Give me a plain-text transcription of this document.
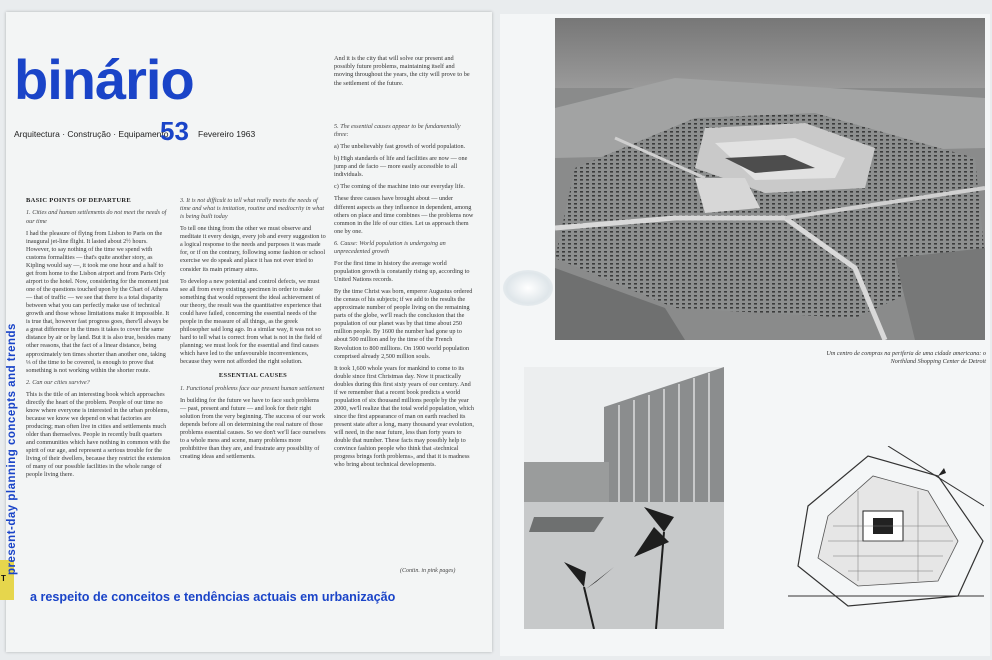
T
binário
Arquitectura · Construção · Equipamento
53 Fevereiro 1963
And it is the city that will solve our present and possibly future problems, maintaining itself and moving throughout the years, the city will prove to be the settlement of the future.
present-day planning concepts and trends
BASIC POINTS OF DEPARTURE
1. Cities and human settlements do not meet the needs of our time

I had the pleasure of flying from Lisbon to Paris on the inaugural jet-line flight. It lasted about 2½ hours. However, to say nothing of the time we spend with customs formalities — that's quite another story, as Kipling would say —, it took me one hour and a half to get from home to the Lisbon airport and from Paris Orly airport to the hotel. Now, considering for the moment just one of the questions touched upon by the Chart of Athens — that of traffic — we see that there is a total disparity between what you can perfectly make use of technical growth and those whose limitations make it impossible. It is true that, however fast progress goes, there'll always be a great difference in the times it takes to cover the same distance by air or by land. But it is also true, besides many other reasons, that the fact of a linear distance, being approximately ten times shorter than another one, taking ⅓ of the time to be covered, is enough to prove that something is not working within the shorter route.

2. Can our cities survive?

This is the title of an interesting book which approaches directly the heart of the problem. People of our time no know where everyone is interested in the urban problems, because we know we depend on what factories are producing; man often live in cities and settlements much older than themselves. People in recently built quarters and communities which have nothing in common with the spirit of our age, and represent a serious trouble for the living of their dwellers, because they restrict the extension of many of our possible facilities in the whole range of people living there.

3. It is not difficult to tell what really meets the needs of time and what is imitation, routine and mediocrity in what is being built today

To tell one thing from the other we must observe and meditate it every design, every job and every suggestion to a logical response to the needs and purposes it was made for, or if on the contrary, following some fashion or school exercise we do speak and place it has not ever tried to consider its main primary aims.

To develop a new potential and control defects, we must see all from every existing specimen in order to make something that would represent the ideal achievement of our theory, the result was the quantitative experience that could have failed, concerning the essential needs of the people in the measure of all things, as the greek philosopher said long ago. In a similar way, it was not so hard to tell what is correct from what is not in the field of planning; we must look for the essential and find causes which have led to the unfavourable inconveniences, because they were not afforded the right solution.

ESSENTIAL CAUSES
1. Functional problems face our present human settlement

In building for the future we have to face such problems — past, present and future — and look for their right solution from the very beginning. The success of our work depends before all on determining the real nature of those problems essential causes. So we don't we'll face ourselves to a whole mess and scene, many problems more prohibitive than they are, and frustrate any possibility of creating ideas and settlements.

5. The essential causes appear to be fundamentally three:

a) The unbelievably fast growth of world population.

b) High standards of life and facilities are now — one jump and de facto — more easily accessible to all individuals.

c) The coming of the machine into our everyday life.

These three causes have brought about — under different aspects as they influence in dependent, among others on place and time combines — the problems now common in the life of our cities. Let us approach them one by one.

6. Cause: World population is undergoing an unprecedented growth

For the first time in history the average world population growth is constantly rising up, according to United Nations records.

By the time Christ was born, emperor Augustus ordered the census of his subjects; if we add to the results the approximate number of people living on the remaining parts of the globe, we'll reach the conclusion that the population of our planet was by that time about 250 million people. By 1600 the number had gone up to about 500 million and by the time of the French Revolution to 800 millions. On 1900 world population comprised already 2,500 million souls.

It took 1,600 whole years for mankind to come to its double since first Christmas day. Now it practically doubles during this first sixty years of our century. And if we remember that a recent book predicts a world population of six thousand millions people by the year 2000, we'll realize that the total world population, which since the first appearance of man on earth reached its present state after a long, many thousand year evolution, will need, in the near future, less than forty years to double that number. These facts may possibly help to convince fashion people who think that «technical progress brings forth problems», and that it is madness who bring about technical developments.

(Contin. in pink pages)
a respeito de conceitos e tendências actuais em urbanização
Um centro de compras na periferia de uma cidade americana: o Northland Shopping Center de Detroit
